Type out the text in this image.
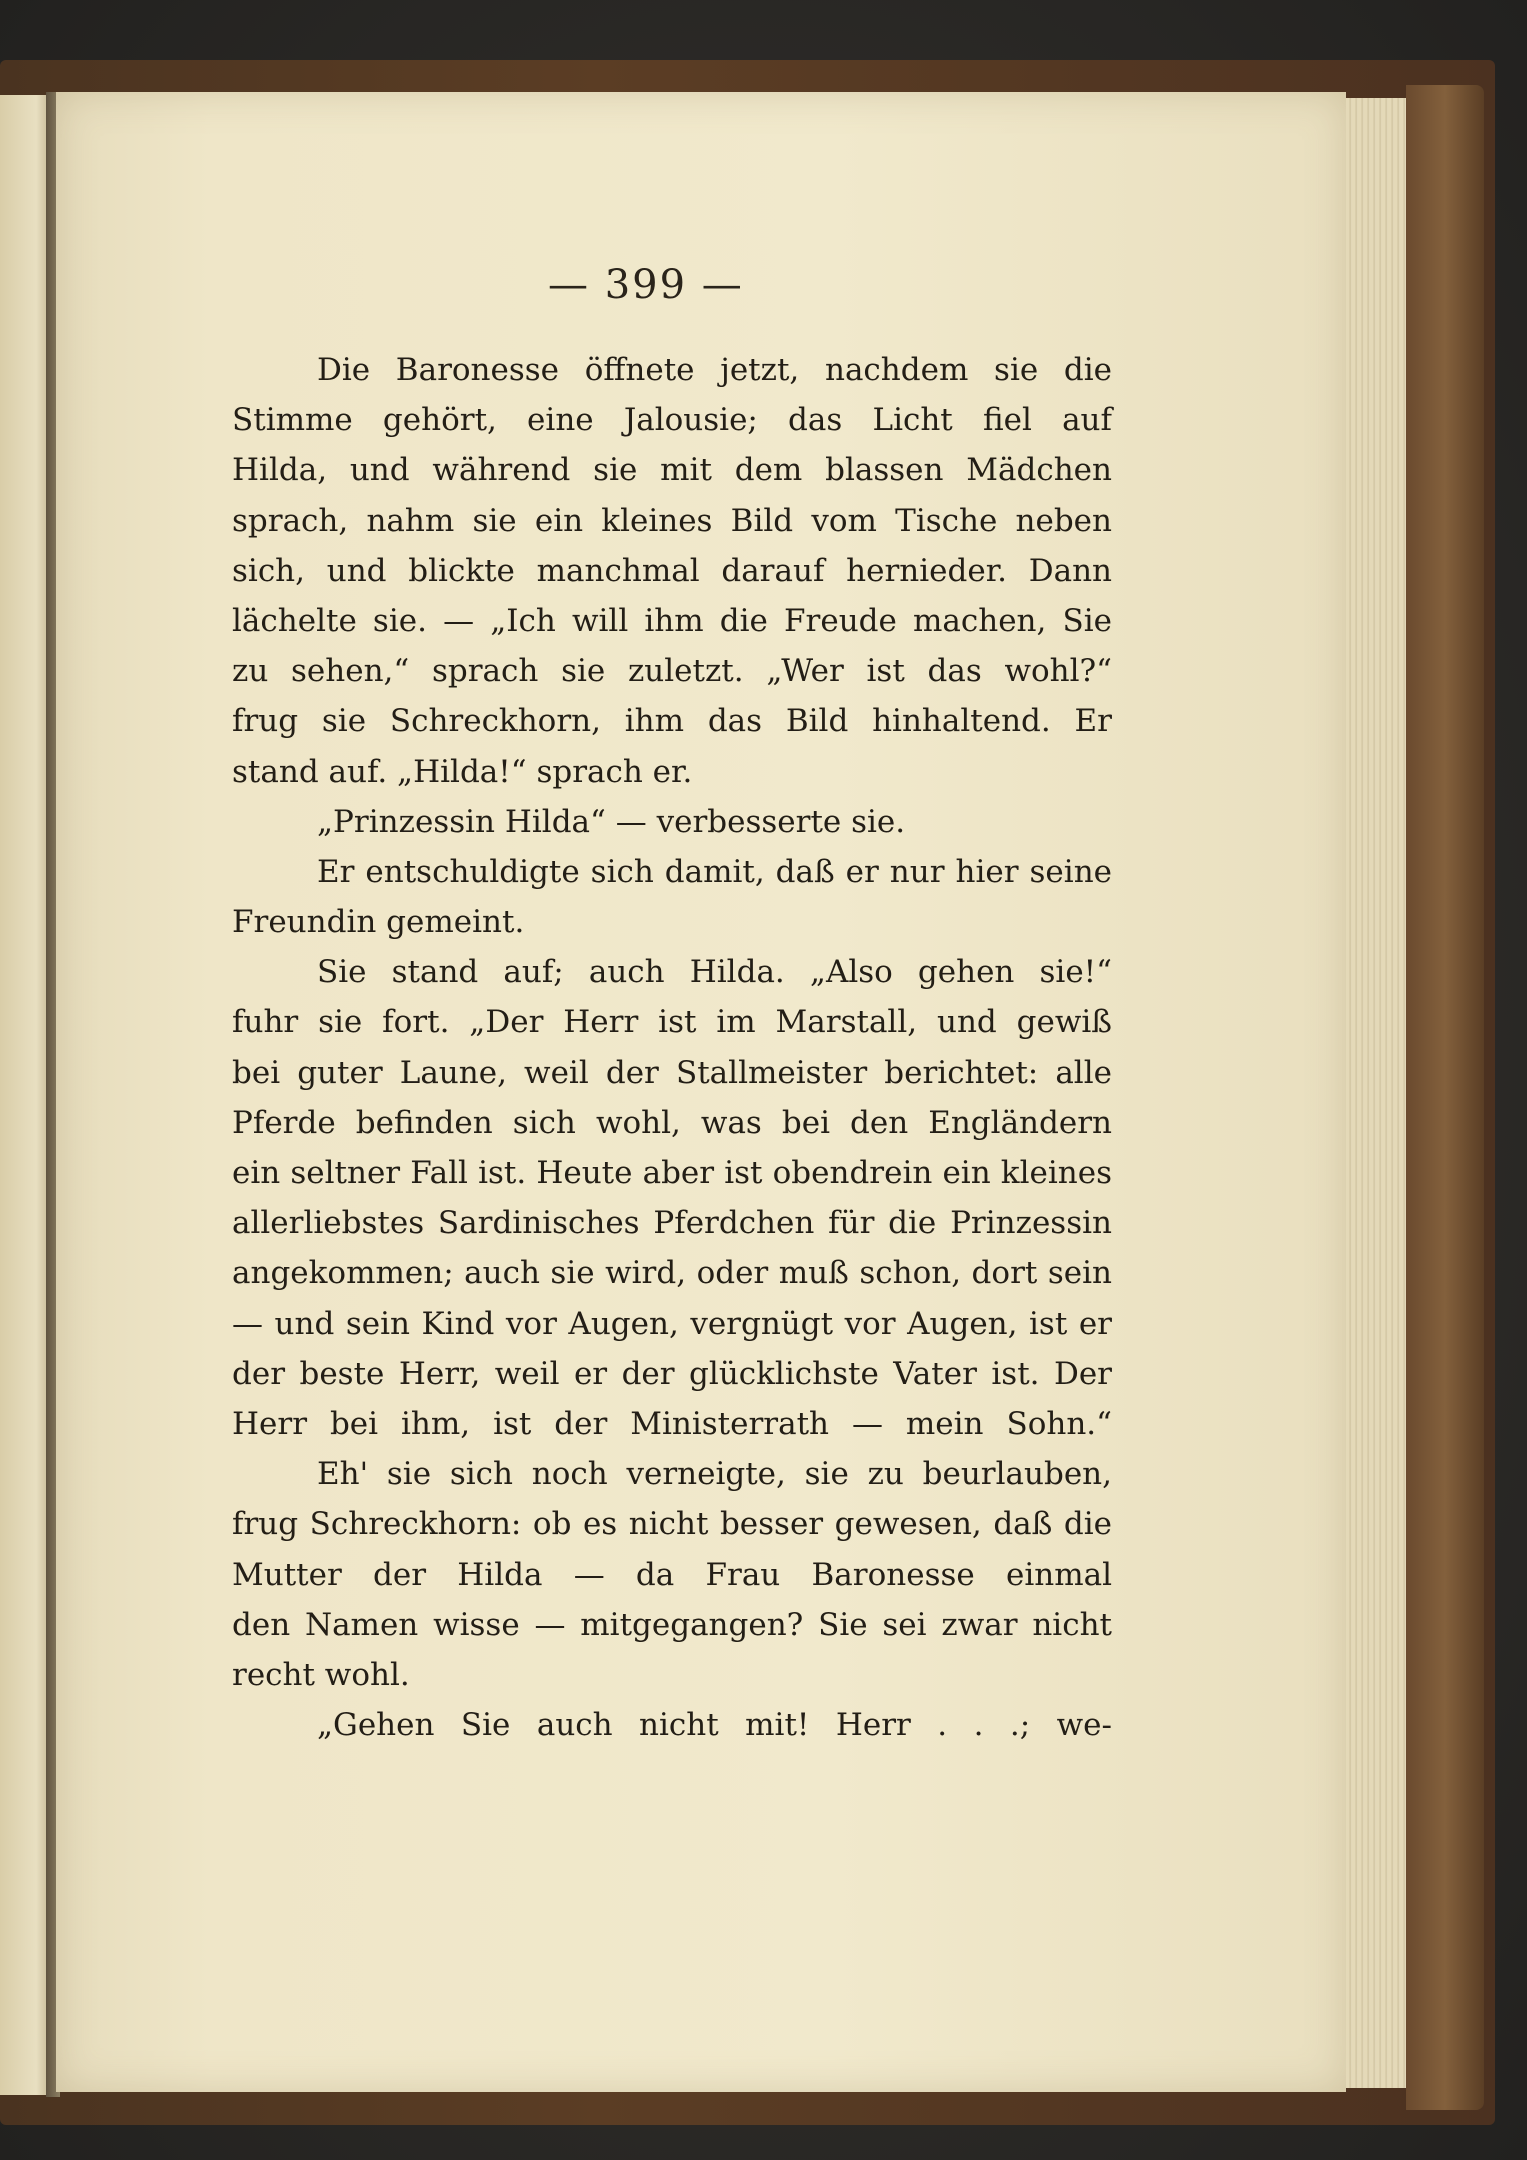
— 399 —
Die Baronesse öffnete jetzt, nachdem sie die
Stimme gehört, eine Jalousie; das Licht fiel auf
Hilda, und während sie mit dem blassen Mädchen
sprach, nahm sie ein kleines Bild vom Tische neben
sich, und blickte manchmal darauf hernieder. Dann
lächelte sie. — „Ich will ihm die Freude machen, Sie
zu sehen,“ sprach sie zuletzt. „Wer ist das wohl?“
frug sie Schreckhorn, ihm das Bild hinhaltend. Er
stand auf. „Hilda!“ sprach er.
„Prinzessin Hilda“ — verbesserte sie.
Er entschuldigte sich damit, daß er nur hier seine
Freundin gemeint.
Sie stand auf; auch Hilda. „Also gehen sie!“
fuhr sie fort. „Der Herr ist im Marstall, und gewiß
bei guter Laune, weil der Stallmeister berichtet: alle
Pferde befinden sich wohl, was bei den Engländern
ein seltner Fall ist. Heute aber ist obendrein ein kleines
allerliebstes Sardinisches Pferdchen für die Prinzessin
angekommen; auch sie wird, oder muß schon, dort sein
— und sein Kind vor Augen, vergnügt vor Augen, ist er
der beste Herr, weil er der glücklichste Vater ist. Der
Herr bei ihm, ist der Ministerrath — mein Sohn.“
Eh' sie sich noch verneigte, sie zu beurlauben,
frug Schreckhorn: ob es nicht besser gewesen, daß die
Mutter der Hilda — da Frau Baronesse einmal
den Namen wisse — mitgegangen? Sie sei zwar nicht
recht wohl.
„Gehen Sie auch nicht mit! Herr . . .; we-
